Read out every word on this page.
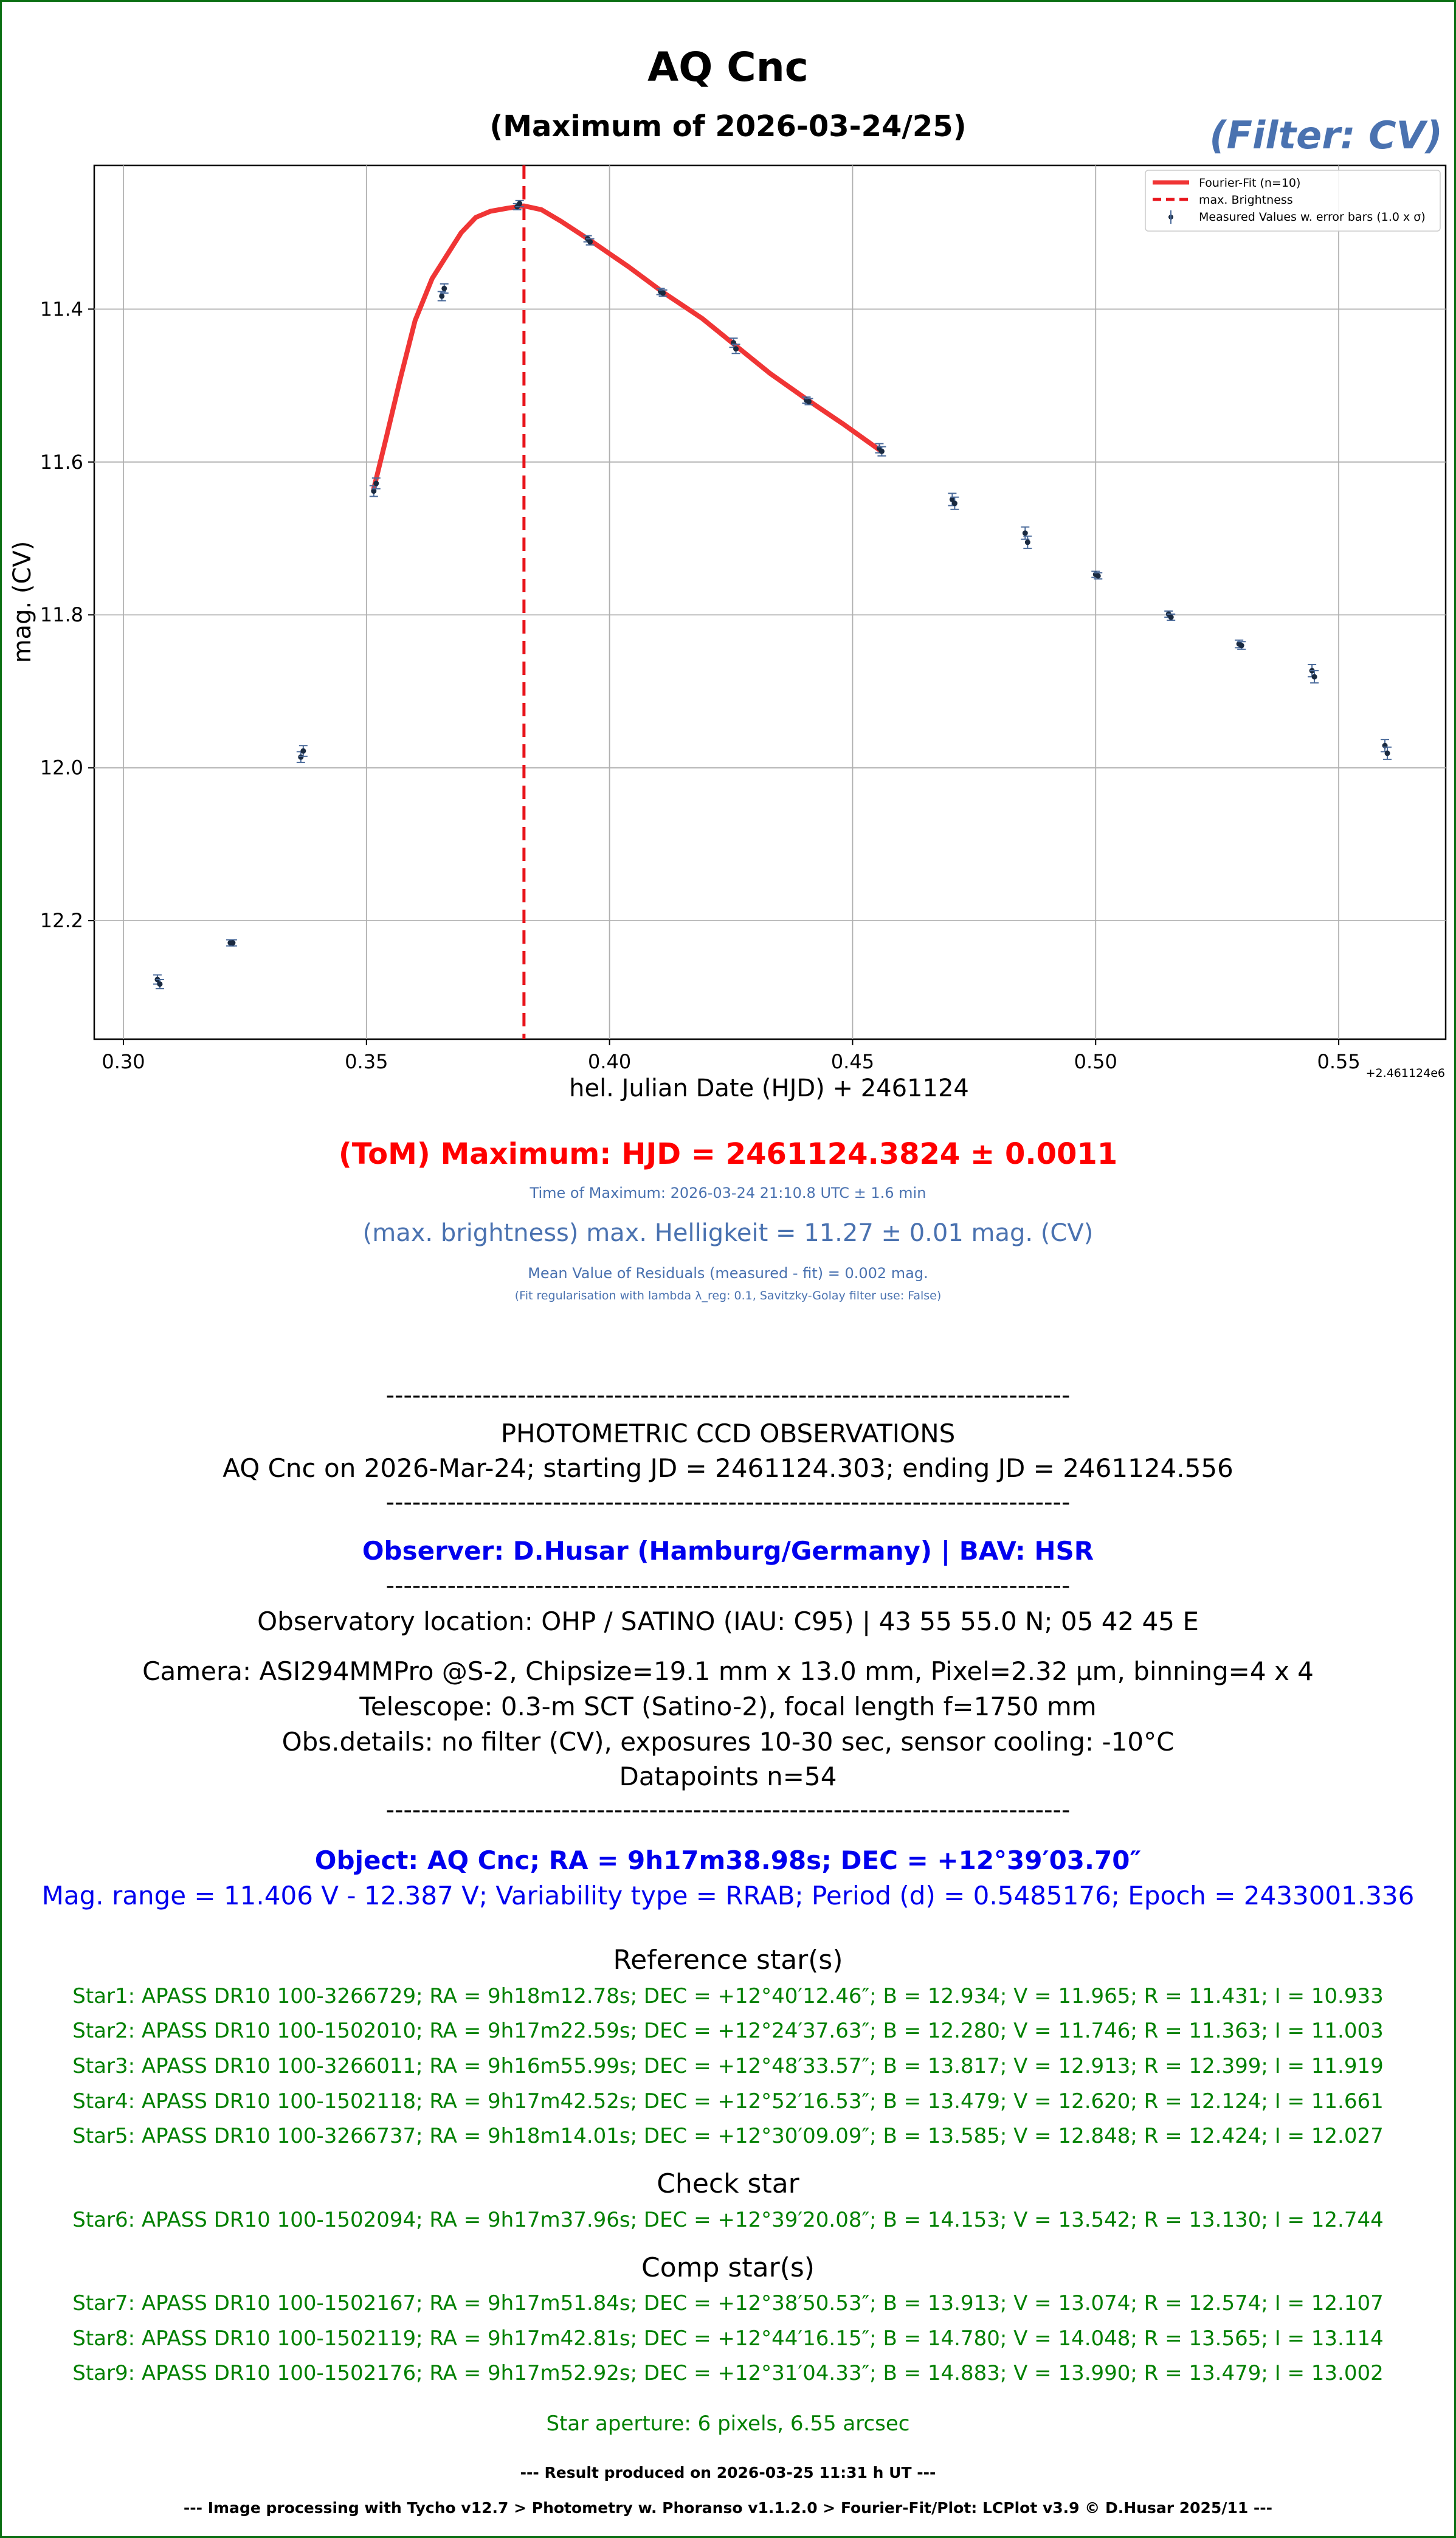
AQ Cnc
(Maximum of 2026-03-24/25)	(Filter: CV)
0.30	0.35	0.40	0.45	0.50	0.55
11.4
11.6
11.8
12.0
12.2
Fourier-Fit (n=10)
max. Brightness
Measured Values w. error bars (1.0 x σ)
hel. Julian Date (HJD) + 2461124
mag. (CV)
+2.461124e6
(ToM) Maximum: HJD = 2461124.3824 ± 0.0011
Time of Maximum: 2026-03-24 21:10.8 UTC ± 1.6 min
(max. brightness) max. Helligkeit = 11.27 ± 0.01 mag. (CV)
Mean Value of Residuals (measured - fit) = 0.002 mag.
(Fit regularisation with lambda λ_reg: 0.1, Savitzky-Golay filter use: False)
------------------------------------------------------------------------------
PHOTOMETRIC CCD OBSERVATIONS
AQ Cnc on 2026-Mar-24; starting JD = 2461124.303; ending JD = 2461124.556
------------------------------------------------------------------------------
Observer: D.Husar (Hamburg/Germany) | BAV: HSR
------------------------------------------------------------------------------
Observatory location: OHP / SATINO (IAU: C95) | 43 55 55.0 N; 05 42 45 E
Camera: ASI294MMPro @S-2, Chipsize=19.1 mm x 13.0 mm, Pixel=2.32 µm, binning=4 x 4
Telescope: 0.3-m SCT (Satino-2), focal length f=1750 mm
Obs.details: no filter (CV), exposures 10-30 sec, sensor cooling: -10°C
Datapoints n=54
------------------------------------------------------------------------------
Object: AQ Cnc; RA = 9h17m38.98s; DEC = +12°39′03.70″
Mag. range = 11.406 V - 12.387 V; Variability type = RRAB; Period (d) = 0.5485176; Epoch = 2433001.336
Reference star(s)
Star1: APASS DR10 100-3266729; RA = 9h18m12.78s; DEC = +12°40′12.46″; B = 12.934; V = 11.965; R = 11.431; I = 10.933
Star2: APASS DR10 100-1502010; RA = 9h17m22.59s; DEC = +12°24′37.63″; B = 12.280; V = 11.746; R = 11.363; I = 11.003
Star3: APASS DR10 100-3266011; RA = 9h16m55.99s; DEC = +12°48′33.57″; B = 13.817; V = 12.913; R = 12.399; I = 11.919
Star4: APASS DR10 100-1502118; RA = 9h17m42.52s; DEC = +12°52′16.53″; B = 13.479; V = 12.620; R = 12.124; I = 11.661
Star5: APASS DR10 100-3266737; RA = 9h18m14.01s; DEC = +12°30′09.09″; B = 13.585; V = 12.848; R = 12.424; I = 12.027
Check star
Star6: APASS DR10 100-1502094; RA = 9h17m37.96s; DEC = +12°39′20.08″; B = 14.153; V = 13.542; R = 13.130; I = 12.744
Comp star(s)
Star7: APASS DR10 100-1502167; RA = 9h17m51.84s; DEC = +12°38′50.53″; B = 13.913; V = 13.074; R = 12.574; I = 12.107
Star8: APASS DR10 100-1502119; RA = 9h17m42.81s; DEC = +12°44′16.15″; B = 14.780; V = 14.048; R = 13.565; I = 13.114
Star9: APASS DR10 100-1502176; RA = 9h17m52.92s; DEC = +12°31′04.33″; B = 14.883; V = 13.990; R = 13.479; I = 13.002
Star aperture: 6 pixels, 6.55 arcsec
--- Result produced on 2026-03-25 11:31 h UT ---
--- Image processing with Tycho v12.7 > Photometry w. Phoranso v1.1.2.0 > Fourier-Fit/Plot: LCPlot v3.9 © D.Husar 2025/11 ---
